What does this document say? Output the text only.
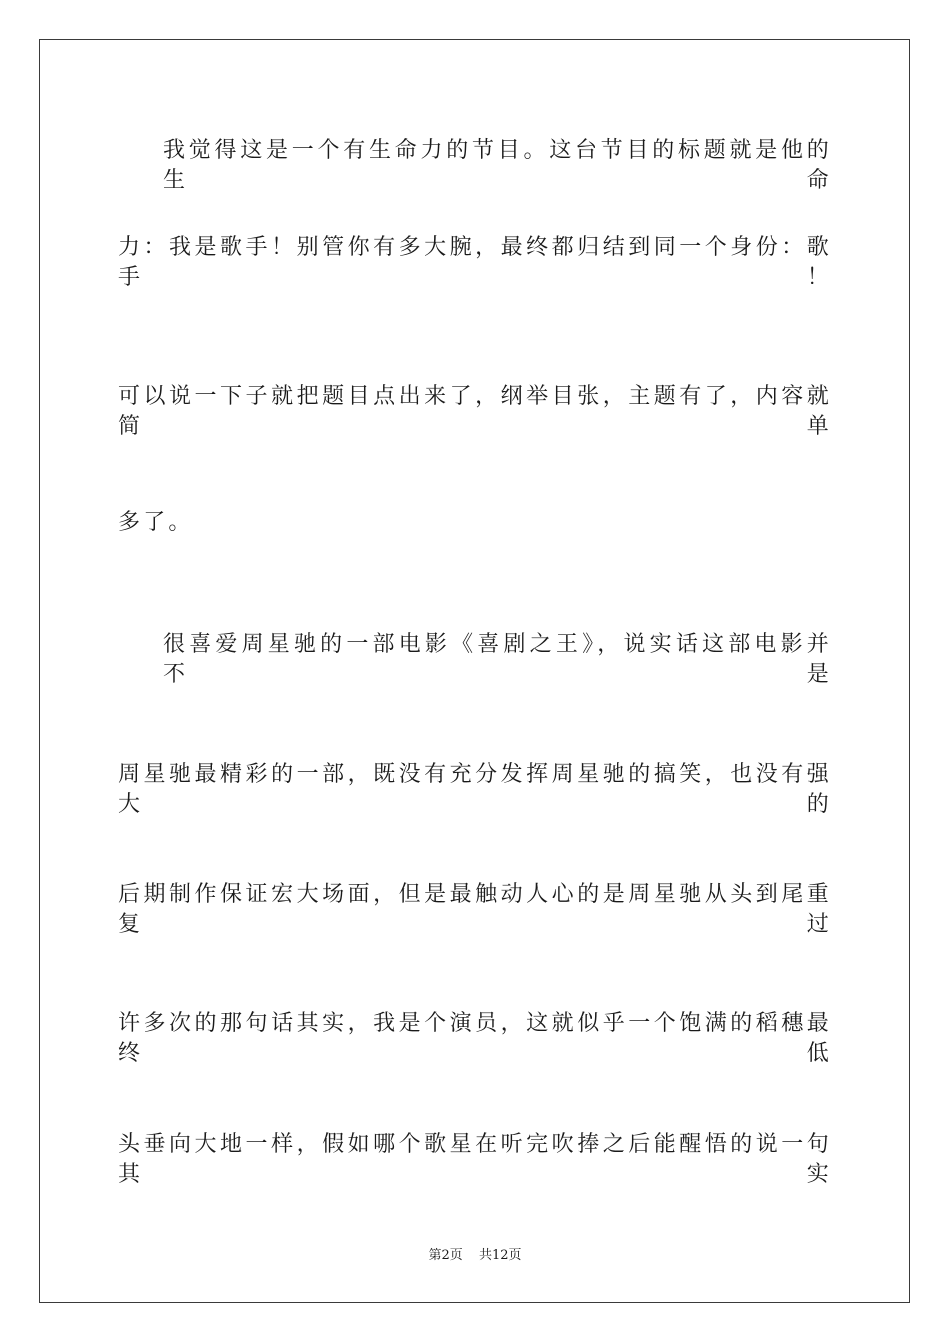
我觉得这是一个有生命力的节目。这台节目的标题就是他的生命
力：我是歌手！别管你有多大腕，最终都归结到同一个身份：歌手！
可以说一下子就把题目点出来了，纲举目张，主题有了，内容就简单
多了。
很喜爱周星驰的一部电影《喜剧之王》，说实话这部电影并不是
周星驰最精彩的一部，既没有充分发挥周星驰的搞笑，也没有强大的
后期制作保证宏大场面，但是最触动人心的是周星驰从头到尾重复过
许多次的那句话其实，我是个演员，这就似乎一个饱满的稻穗最终低
头垂向大地一样，假如哪个歌星在听完吹捧之后能醒悟的说一句其实
第2页 共12页
